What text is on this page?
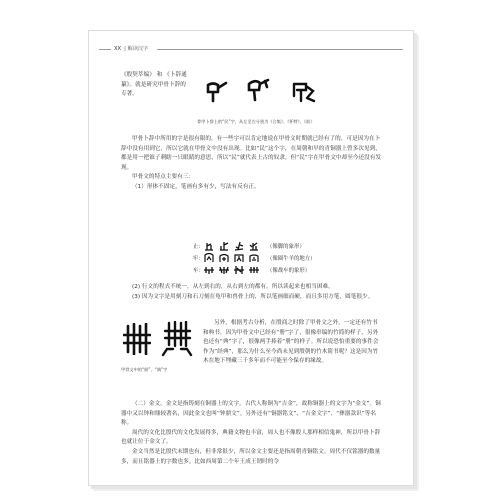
XX | 解读汉字

《殷契萃编》 和 《卜辞通纂》。就是研究甲骨卜辞的专著。

骨甲卜辞上的“民”字，从左至右分别为《合集》、《怀特》、《前》

甲骨卜辞中所用的字是很有限的，有一些字可以肯定地说在甲骨文时期就已经有了的，可是因为在卜辞中没有用到它，所以它就在甲骨文中没有出现。比如“民”这个字，在周朝和早的青铜器上曾多次见到，都是用一把锥子刺瞎一只眼睛的意思，所以“民”就代表上古的奴隶。但“民”字在甲骨文中却至今还没有发现。

甲骨文的特点主要有三：

（1）形体不固定，笔画有多有少，写法有反有正。

止：	（像脚的象形）
牢：	（像圈牛羊的地方）
车：	（像战车的象形）

(2) 行文的程式不统一，从左到右的，从右到左的都有，所以读起来也相当困难。

(3) 因为文字是用刻刀和石刀刻在龟甲和兽骨上的，所以笔画细而硬，而且多用方笔，圆笔很少。

甲骨文中的“册”、“典”字

另外，根据考古分析，在殷商之时除了甲骨文之外，一定还有竹书和典书。因为甲骨文中已经有“册”字了，很像串编的竹简的样子，另外也还有“典”字了，很像两手捧着“册”的样子。所以说恐怕重要的事件会作为“经典”，那么为什么至今尚未见到殷朝的竹木简书呢？这是因为竹木在地下埋藏三千多年而不可能至今保存的缘故。

（二）金文。金文是指铸刻在铜器上的文字。古代人称铜为“吉金”，故称铜器上的文字为“金文”。铜器中又以钟和鼎较著名，因此金文也叫“钟鼎文”。另外还有“铜器铭文”、“吉金文字”、“彝器款识”等名称。

周代的文化比殷代的文化发展得多，典籍文物也丰富，周人也不像殷人那样相信鬼神，所以甲骨卜辞也就让位于金文了。

金文当然是比殷代末期也有，但非常很少，所以金文主要还是指周朝青铜铭文。周代不仅铭器的数量多，而且铭器上的字数也多。比如西周第二个年王成王谓时的令
